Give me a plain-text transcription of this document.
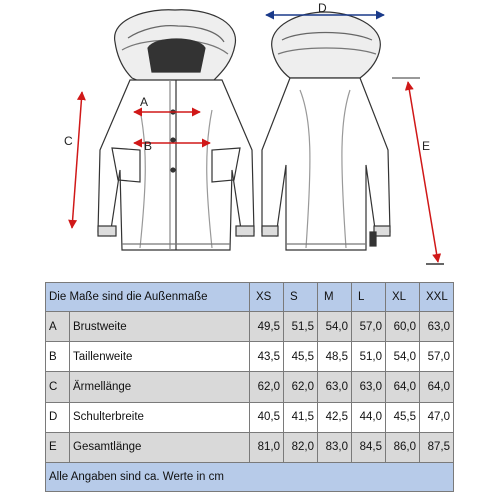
A
B
C
D
E
Die Maße sind die Außenmaße		XS	S	M	L	XL	XXL
A	Brustweite	49,5	51,5	54,0	57,0	60,0	63,0
B	Taillenweite	43,5	45,5	48,5	51,0	54,0	57,0
C	Ärmellänge	62,0	62,0	63,0	63,0	64,0	64,0
D	Schulterbreite	40,5	41,5	42,5	44,0	45,5	47,0
E	Gesamtlänge	81,0	82,0	83,0	84,5	86,0	87,5
Alle Angaben sind ca. Werte in cm							
